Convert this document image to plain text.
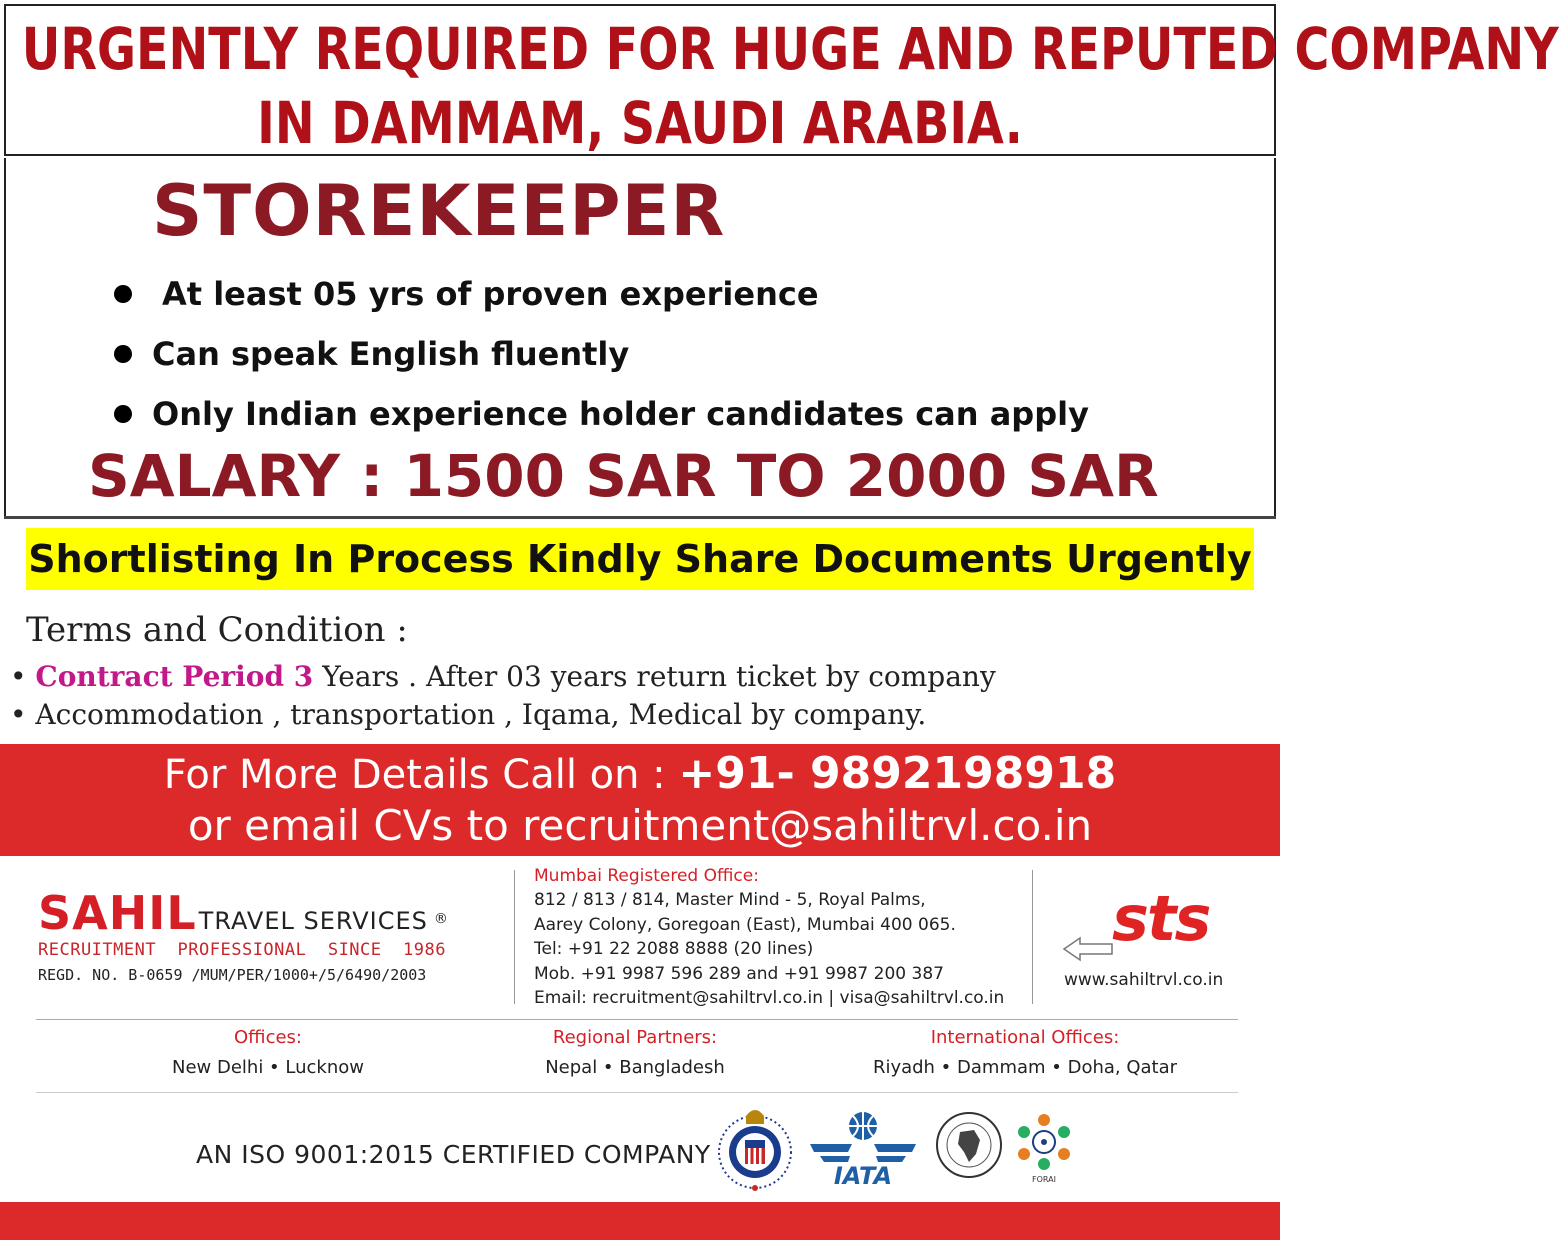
URGENTLY REQUIRED FOR HUGE AND REPUTED COMPANY
IN DAMMAM, SAUDI ARABIA.
STOREKEEPER
At least 05 yrs of proven experience
Can speak English fluently
Only Indian experience holder candidates can apply
SALARY : 1500 SAR TO 2000 SAR
Shortlisting In Process Kindly Share Documents Urgently
Terms and Condition :
• Contract Period 3 Years . After 03 years return ticket by company
• Accommodation , transportation , Iqama, Medical by company.
For More Details Call on : +91- 9892198918
or email CVs to recruitment@sahiltrvl.co.in
SAHILTRAVEL SERVICES ®
RECRUITMENT  PROFESSIONAL  SINCE  1986
REGD. NO. B-0659 /MUM/PER/1000+/5/6490/2003
Mumbai Registered Office:
812 / 813 / 814, Master Mind - 5, Royal Palms,
Aarey Colony, Goregoan (East), Mumbai 400 065.
Tel: +91 22 2088 8888 (20 lines)
Mob. +91 9987 596 289 and +91 9987 200 387
Email: recruitment@sahiltrvl.co.in | visa@sahiltrvl.co.in
sts
www.sahiltrvl.co.in
Offices:
New Delhi • Lucknow
Regional Partners:
Nepal • Bangladesh
International Offices:
Riyadh • Dammam • Doha, Qatar
AN ISO 9001:2015 CERTIFIED COMPANY
IATA	FORAI
